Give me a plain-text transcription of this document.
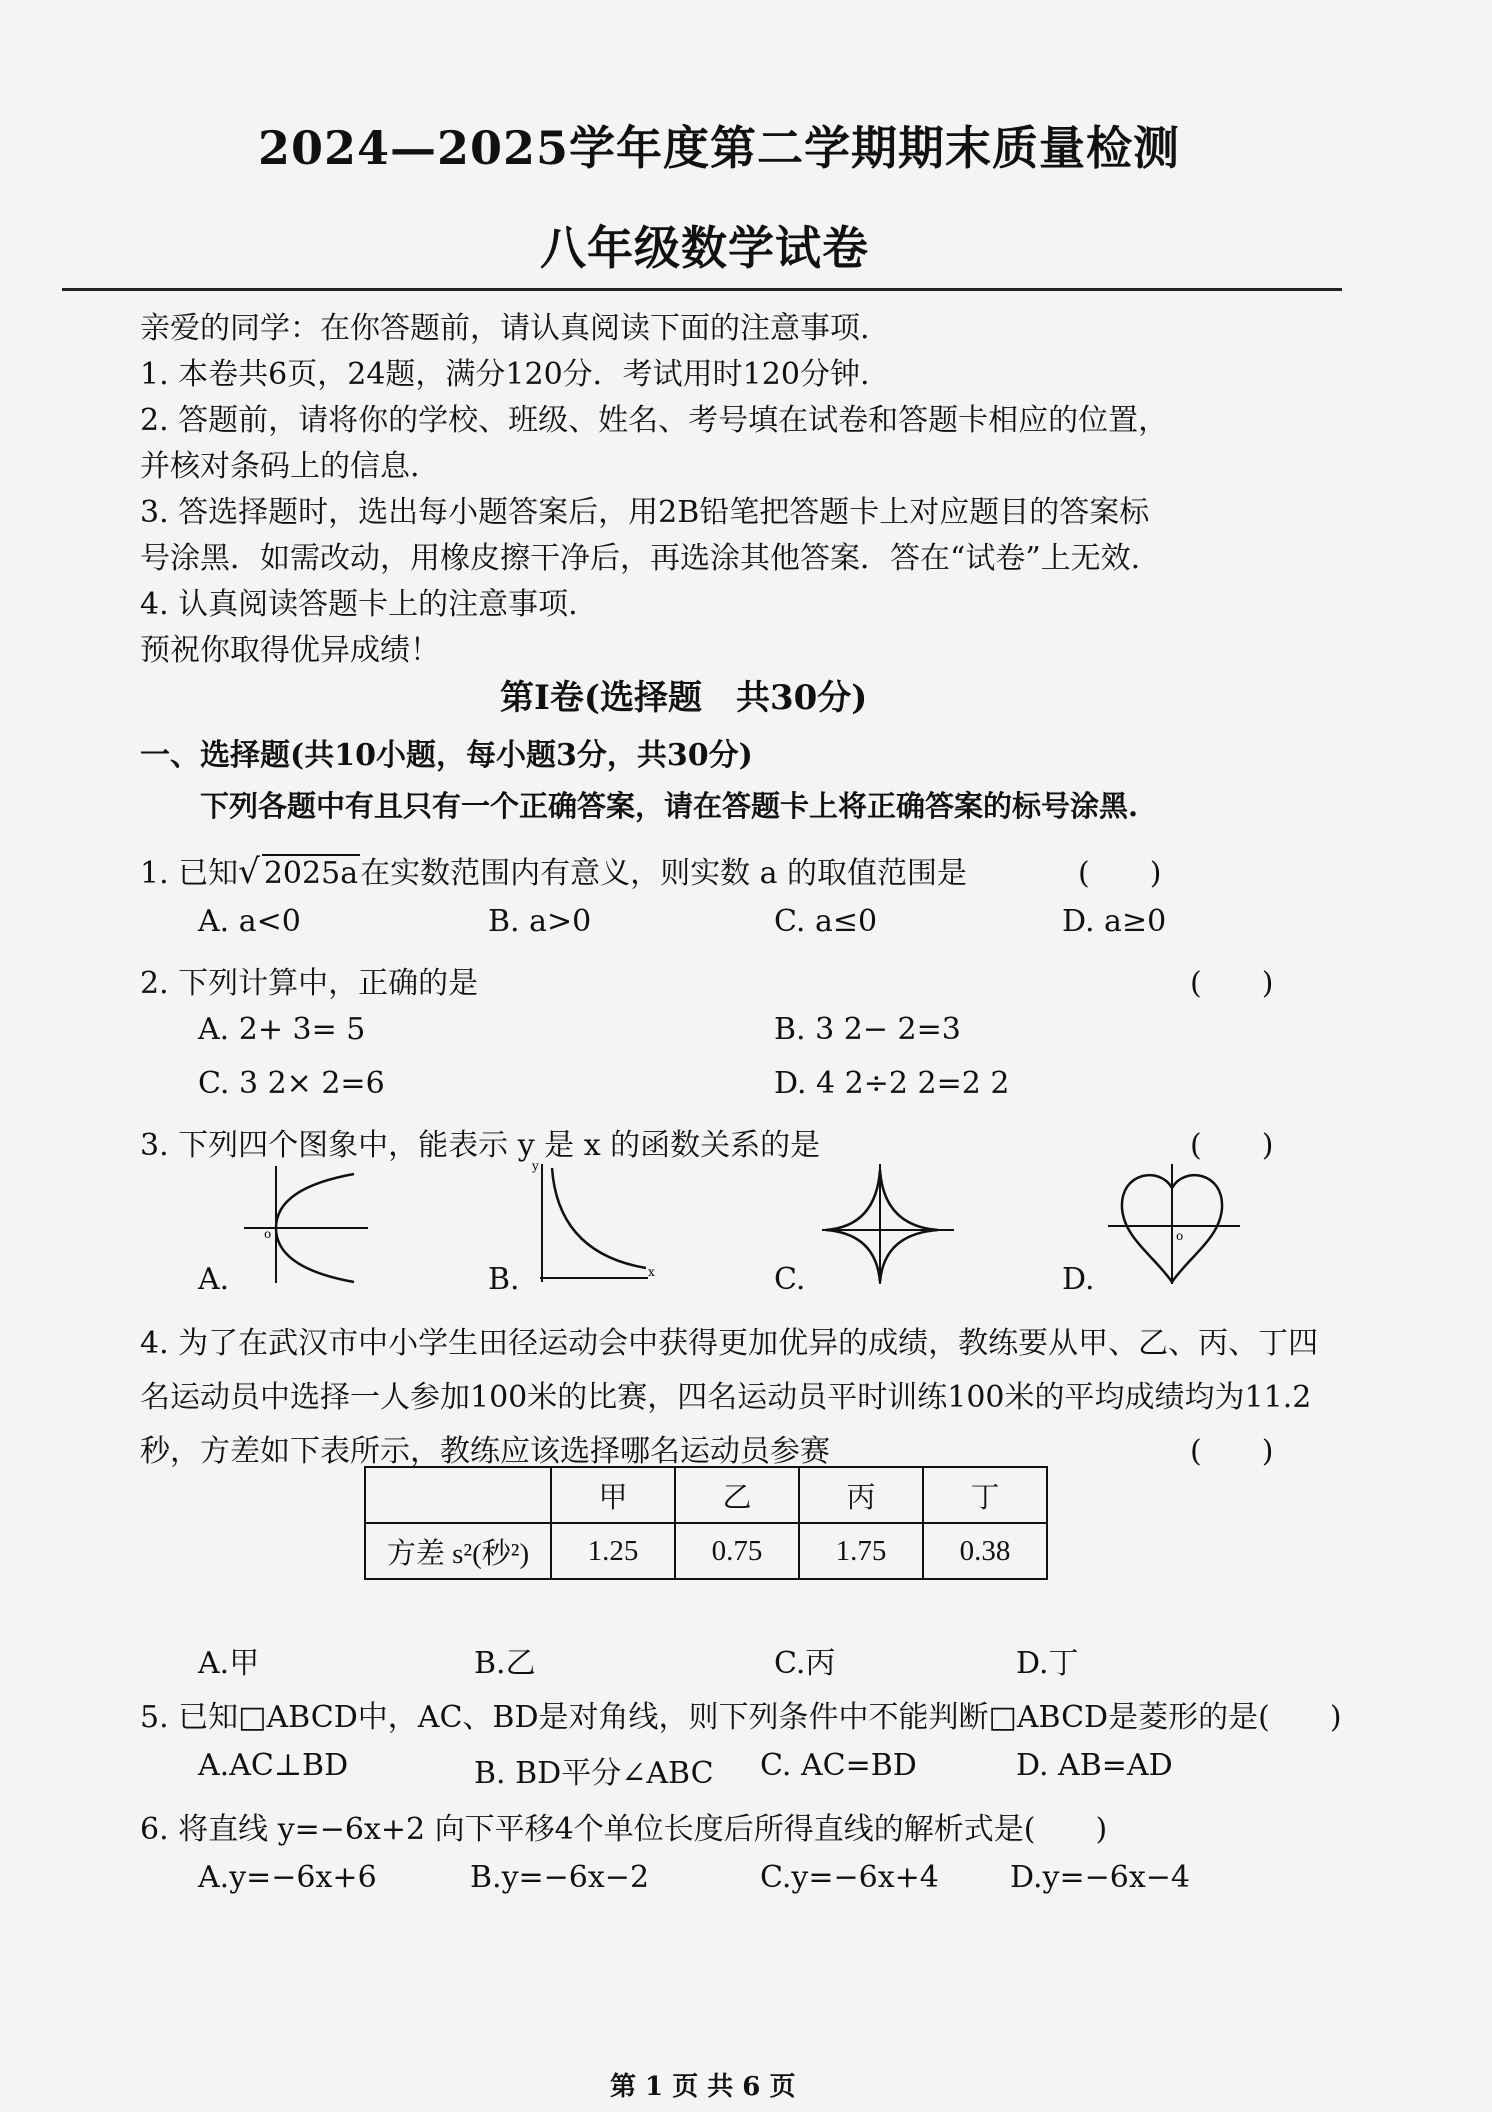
2024—2025学年度第二学期期末质量检测
八年级数学试卷
亲爱的同学：在你答题前，请认真阅读下面的注意事项.
1. 本卷共6页，24题，满分120分．考试用时120分钟.
2. 答题前，请将你的学校、班级、姓名、考号填在试卷和答题卡相应的位置，
并核对条码上的信息.
3. 答选择题时，选出每小题答案后，用2B铅笔把答题卡上对应题目的答案标
号涂黑．如需改动，用橡皮擦干净后，再选涂其他答案．答在“试卷”上无效.
4. 认真阅读答题卡上的注意事项.
预祝你取得优异成绩！
第Ⅰ卷(选择题　共30分)
一、选择题(共10小题，每小题3分，共30分)
下列各题中有且只有一个正确答案，请在答题卡上将正确答案的标号涂黑.
1. 已知√ 2025a在实数范围内有意义，则实数 a 的取值范围是	(　　)
A. a<0	B. a>0	C. a≤0	D. a≥0
2. 下列计算中，正确的是	(　　)
A. 2+ 3= 5	B. 3 2− 2=3
C. 3 2× 2=6	D. 4 2÷2 2=2 2
3. 下列四个图象中，能表示 y 是 x 的函数关系的是	(　　)
o
A.
y
x
B.	C.
o
D.
4. 为了在武汉市中小学生田径运动会中获得更加优异的成绩，教练要从甲、乙、丙、丁四
名运动员中选择一人参加100米的比赛，四名运动员平时训练100米的平均成绩均为11.2
秒，方差如下表所示，教练应该选择哪名运动员参赛	(　　)
	甲	乙	丙	丁
方差 s²(秒²)	1.25	0.75	1.75	0.38
A.甲	B.乙	C.丙	D.丁
5. 已知□ABCD中，AC、BD是对角线，则下列条件中不能判断□ABCD是菱形的是(　　)
A.AC⊥BD	B. BD平分∠ABC C. AC=BD	D. AB=AD
6. 将直线 y=−6x+2 向下平移4个单位长度后所得直线的解析式是(　　)
A.y=−6x+6	B.y=−6x−2	C.y=−6x+4 D.y=−6x−4
第 1 页 共 6 页
